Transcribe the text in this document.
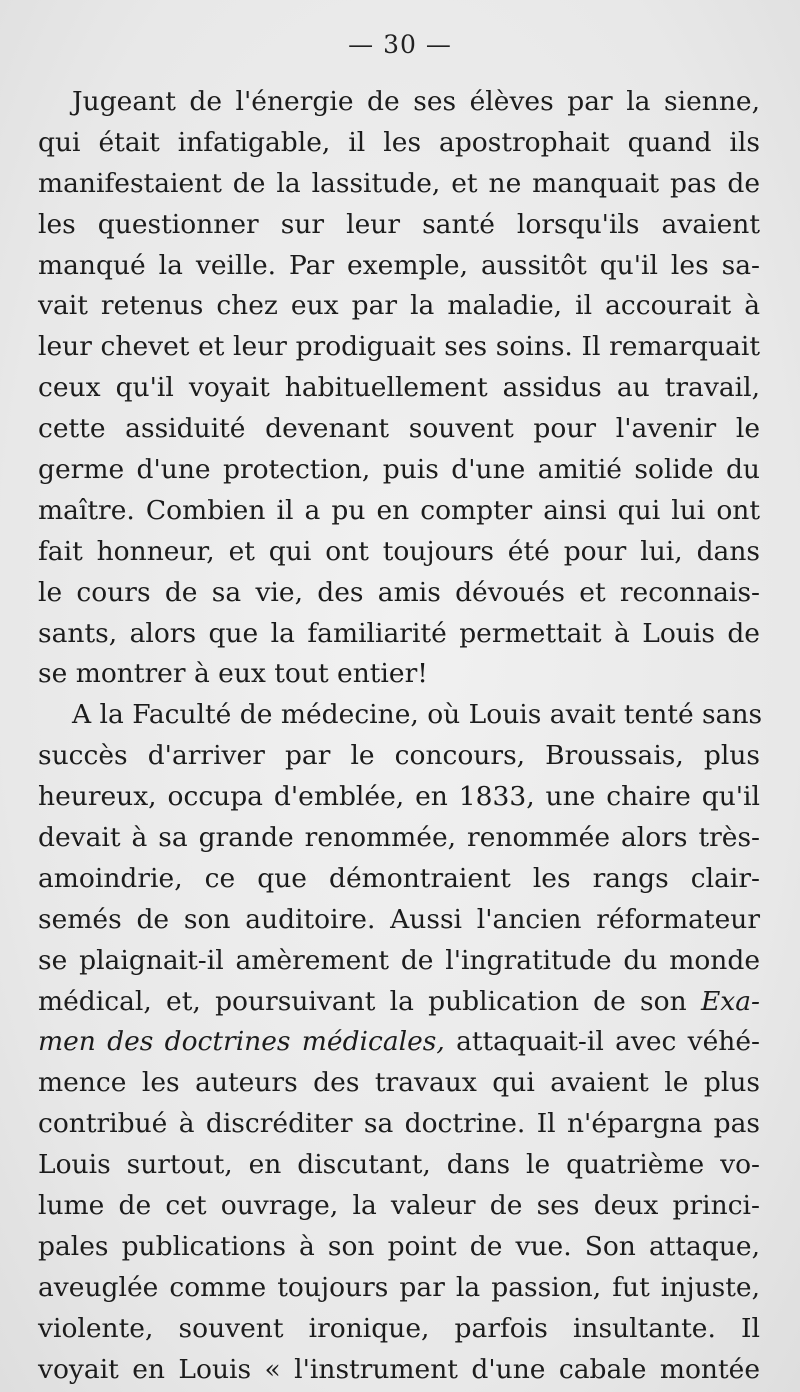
— 30 —
Jugeant de l'énergie de ses élèves par la sienne,
qui était infatigable, il les apostrophait quand ils
manifestaient de la lassitude, et ne manquait pas de
les questionner sur leur santé lorsqu'ils avaient
manqué la veille. Par exemple, aussitôt qu'il les sa-
vait retenus chez eux par la maladie, il accourait à
leur chevet et leur prodiguait ses soins. Il remarquait
ceux qu'il voyait habituellement assidus au travail,
cette assiduité devenant souvent pour l'avenir le
germe d'une protection, puis d'une amitié solide du
maître. Combien il a pu en compter ainsi qui lui ont
fait honneur, et qui ont toujours été pour lui, dans
le cours de sa vie, des amis dévoués et reconnais-
sants, alors que la familiarité permettait à Louis de
se montrer à eux tout entier!
A la Faculté de médecine, où Louis avait tenté sans
succès d'arriver par le concours, Broussais, plus
heureux, occupa d'emblée, en 1833, une chaire qu'il
devait à sa grande renommée, renommée alors très-
amoindrie, ce que démontraient les rangs clair-
semés de son auditoire. Aussi l'ancien réformateur
se plaignait-il amèrement de l'ingratitude du monde
médical, et, poursuivant la publication de son Exa-
men des doctrines médicales, attaquait-il avec véhé-
mence les auteurs des travaux qui avaient le plus
contribué à discréditer sa doctrine. Il n'épargna pas
Louis surtout, en discutant, dans le quatrième vo-
lume de cet ouvrage, la valeur de ses deux princi-
pales publications à son point de vue. Son attaque,
aveuglée comme toujours par la passion, fut injuste,
violente, souvent ironique, parfois insultante. Il
voyait en Louis « l'instrument d'une cabale montée
